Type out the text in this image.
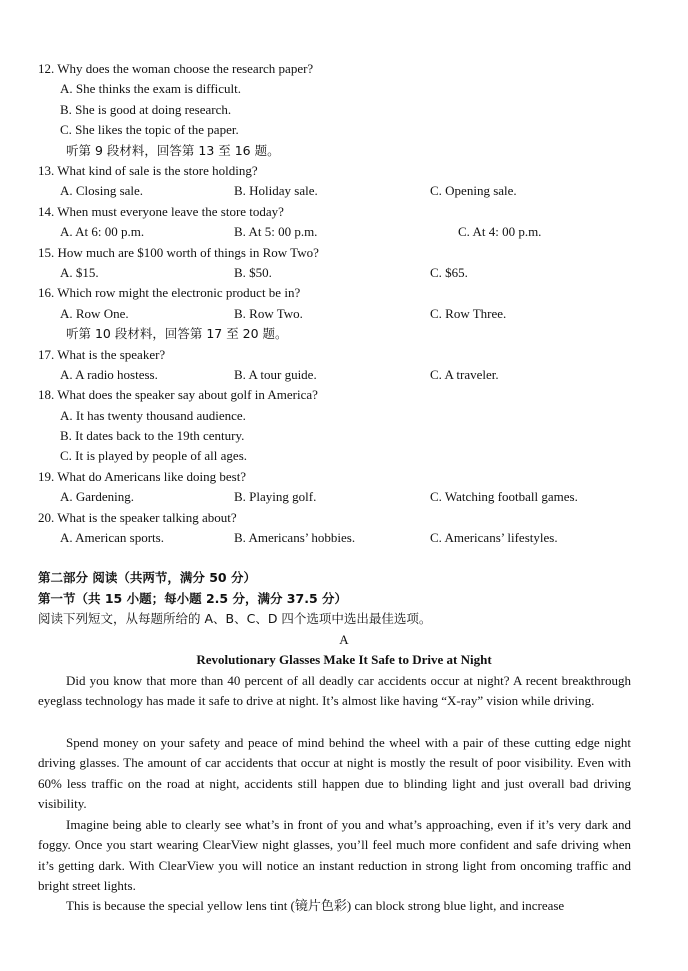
12. Why does the woman choose the research paper?
A. She thinks the exam is difficult.
B. She is good at doing research.
C. She likes the topic of the paper.
听第 9 段材料，回答第 13 至 16 题。
13. What kind of sale is the store holding?
A. Closing sale.	B. Holiday sale.	C. Opening sale.
14. When must everyone leave the store today?
A. At 6: 00 p.m.	B. At 5: 00 p.m.	C. At 4: 00 p.m.
15. How much are $100 worth of things in Row Two?
A. $15.	B. $50.	C. $65.
16. Which row might the electronic product be in?
A. Row One.	B. Row Two.	C. Row Three.
听第 10 段材料，回答第 17 至 20 题。
17. What is the speaker?
A. A radio hostess.	B. A tour guide.	C. A traveler.
18. What does the speaker say about golf in America?
A. It has twenty thousand audience.
B. It dates back to the 19th century.
C. It is played by people of all ages.
19. What do Americans like doing best?
A. Gardening.	B. Playing golf.	C. Watching football games.
20. What is the speaker talking about?
A. American sports.	B. Americans’ hobbies.	C. Americans’ lifestyles.
第二部分 阅读（共两节，满分 50 分）
第一节（共 15 小题；每小题 2.5 分，满分 37.5 分）
阅读下列短文，从每题所给的 A、B、C、D 四个选项中选出最佳选项。
A
Revolutionary Glasses Make It Safe to Drive at Night
Did you know that more than 40 percent of all deadly car accidents occur at night? A recent breakthrough eyeglass technology has made it safe to drive at night. It’s almost like having “X-ray” vision while driving.
Spend money on your safety and peace of mind behind the wheel with a pair of these cutting edge night driving glasses. The amount of car accidents that occur at night is mostly the result of poor visibility. Even with 60% less traffic on the road at night, accidents still happen due to blinding light and just overall bad driving visibility.
Imagine being able to clearly see what’s in front of you and what’s approaching, even if it’s very dark and foggy. Once you start wearing ClearView night glasses, you’ll feel much more confident and safe driving when it’s getting dark. With ClearView you will notice an instant reduction in strong light from oncoming traffic and bright street lights.
This is because the special yellow lens tint (镜片色彩) can block strong blue light, and increase
